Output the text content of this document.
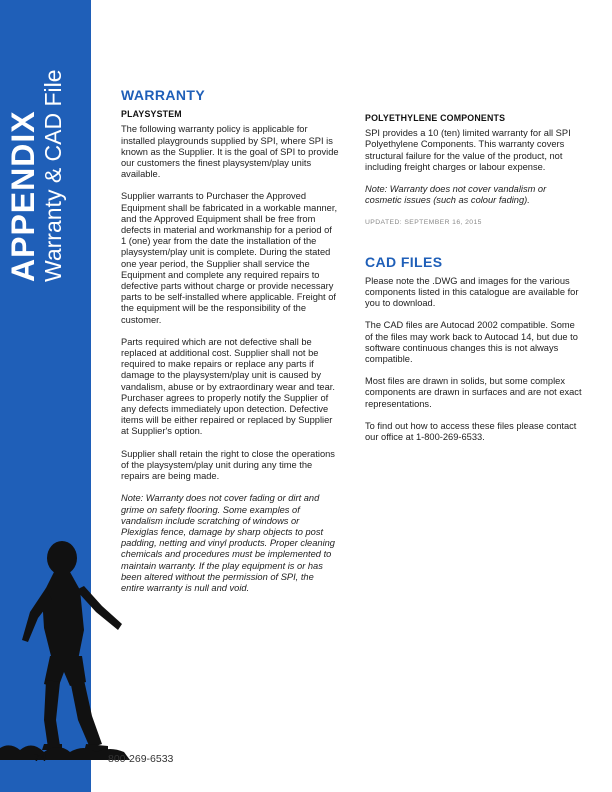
APPENDIX Warranty & CAD File
74	800-269-6533
WARRANTY
PLAYSYSTEM

The following warranty policy is applicable for installed playgrounds supplied by SPI, where SPI is known as the Supplier. It is the goal of SPI to provide our customers the finest playsystem/play units available.

Supplier warrants to Purchaser the Approved Equipment shall be fabricated in a workable manner, and the Approved Equipment shall be free from defects in material and workmanship for a period of 1 (one) year from the date the installation of the playsystem/play unit is complete. During the stated one year period, the Supplier shall service the Equipment and complete any required repairs to defective parts without charge or provide necessary parts to be self-installed where applicable. Freight of the equipment will be the responsibility of the customer.

Parts required which are not defective shall be replaced at additional cost. Supplier shall not be required to make repairs or replace any parts if damage to the playsystem/play unit is caused by vandalism, abuse or by extraordinary wear and tear. Purchaser agrees to properly notify the Supplier of any defects immediately upon detection. Defective items will be either repaired or replaced by Supplier at Supplier's option.

Supplier shall retain the right to close the operations of the playsystem/play unit during any time the repairs are being made.

Note: Warranty does not cover fading or dirt and grime on safety flooring. Some examples of vandalism include scratching of windows or Plexiglas fence, damage by sharp objects to post padding, netting and vinyl products. Proper cleaning chemicals and procedures must be implemented to maintain warranty. If the play equipment is or has been altered without the permission of SPI, the entire warranty is null and void.

POLYETHYLENE COMPONENTS

SPI provides a 10 (ten) limited warranty for all SPI Polyethylene Components. This warranty covers structural failure for the value of the product, not including freight charges or labour expense.

Note: Warranty does not cover vandalism or cosmetic issues (such as colour fading).

UPDATED: SEPTEMBER 16, 2015
CAD FILES

Please note the .DWG and images for the various components listed in this catalogue are available for you to download.

The CAD files are Autocad 2002 compatible. Some of the files may work back to Autocad 14, but due to software continuous changes this is not always compatible.

Most files are drawn in solids, but some complex components are drawn in surfaces and are not exact representations.

To find out how to access these files please contact our office at 1-800-269-6533.
